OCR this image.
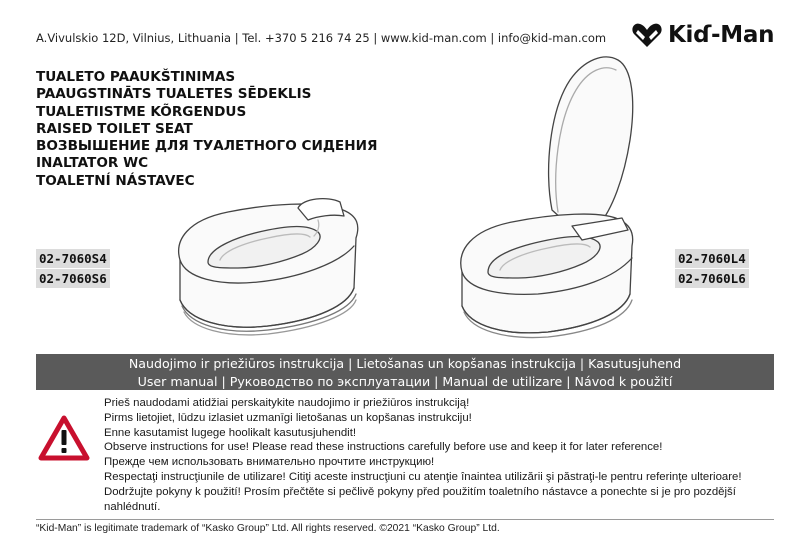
A.Vivulskio 12D, Vilnius, Lithuania | Tel. +370 5 216 74 25 | www.kid-man.com | info@kid-man.com	Kiɗ-Man
TUALETO PAAUKŠTINIMAS
PAAUGSTINĀTS TUALETES SĒDEKLIS
TUALETIISTME KÕRGENDUS
RAISED TOILET SEAT
ВОЗВЫШЕНИЕ ДЛЯ ТУАЛЕТНОГО СИДЕНИЯ
INALTATOR WC
TOALETNÍ NÁSTAVEC
02-7060S4
02-7060S6
02-7060L4
02-7060L6
Naudojimo ir priežiūros instrukcija | Lietošanas un kopšanas instrukcija | Kasutusjuhend
User manual | Руководство по эксплуатации | Manual de utilizare | Návod k použití

Prieš naudodami atidžiai perskaitykite naudojimo ir priežiūros instrukciją!

Pirms lietojiet, lūdzu izlasiet uzmanīgi lietošanas un kopšanas instrukciju!

Enne kasutamist lugege hoolikalt kasutusjuhendit!

Observe instructions for use! Please read these instructions carefully before use and keep it for later reference!

Прежде чем использовать внимательно прочтите инструкцию!

Respectaţi instrucţiunile de utilizare! Citiţi aceste instrucţiuni cu atenţie înaintea utilizării şi păstraţi-le pentru referinţe ulterioare!

Dodržujte pokyny k použití! Prosím přečtěte si pečlivě pokyny před použitím toaletního nástavce a ponechte si je pro pozdější nahlédnutí.

“Kid-Man” is legitimate trademark of “Kasko Group” Ltd. All rights reserved. ©2021 “Kasko Group” Ltd.
